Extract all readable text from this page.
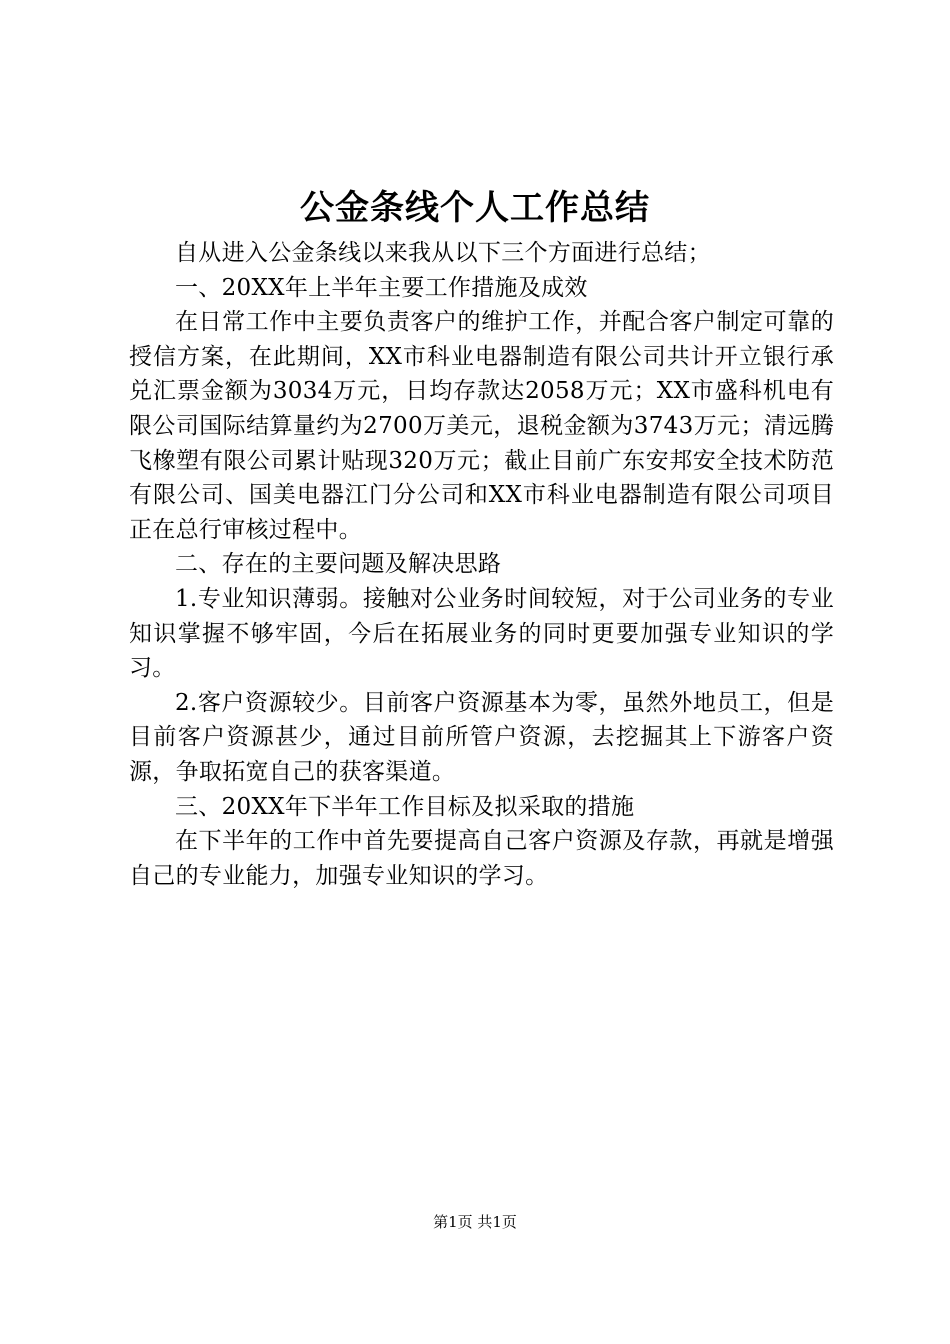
公金条线个人工作总结

自从进入公金条线以来我从以下三个方面进行总结；

一、20XX年上半年主要工作措施及成效

在日常工作中主要负责客户的维护工作，并配合客户制定可靠的授信方案，在此期间，XX市科业电器制造有限公司共计开立银行承兑汇票金额为3034万元，日均存款达2058万元；XX市盛科机电有限公司国际结算量约为2700万美元，退税金额为3743万元；清远腾飞橡塑有限公司累计贴现320万元；截止目前广东安邦安全技术防范有限公司、国美电器江门分公司和XX市科业电器制造有限公司项目正在总行审核过程中。

二、存在的主要问题及解决思路

1.专业知识薄弱。接触对公业务时间较短，对于公司业务的专业知识掌握不够牢固，今后在拓展业务的同时更要加强专业知识的学习。

2.客户资源较少。目前客户资源基本为零，虽然外地员工，但是目前客户资源甚少，通过目前所管户资源，去挖掘其上下游客户资源，争取拓宽自己的获客渠道。

三、20XX年下半年工作目标及拟采取的措施

在下半年的工作中首先要提高自己客户资源及存款，再就是增强自己的专业能力，加强专业知识的学习。

第1页 共1页
